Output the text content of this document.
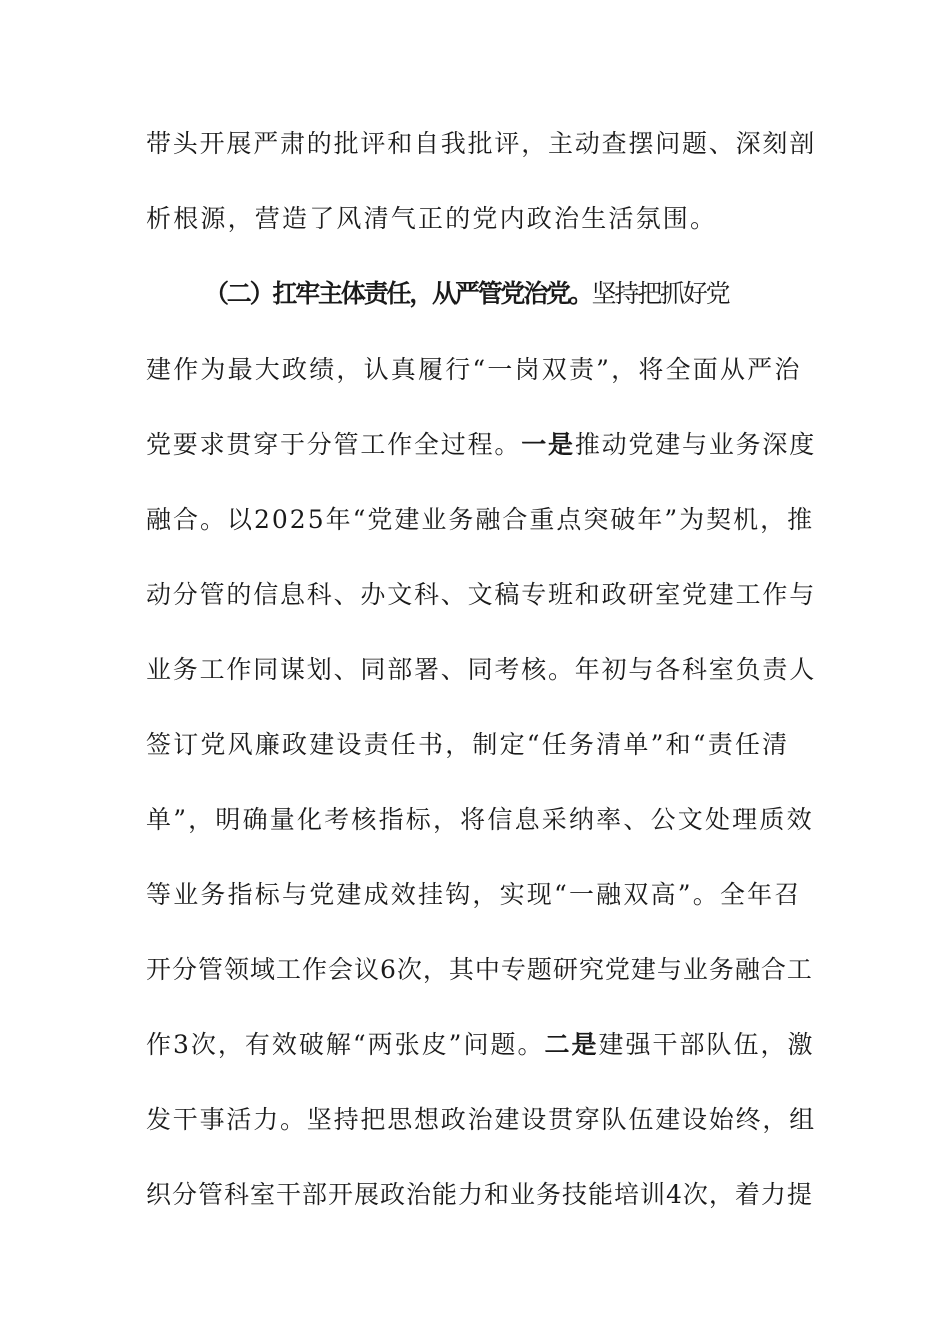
带头开展严肃的批评和自我批评，主动查摆问题、深刻剖
析根源，营造了风清气正的党内政治生活氛围。
（二）扛牢主体责任，从严管党治党。坚持把抓好党
建作为最大政绩，认真履行“一岗双责”，将全面从严治
党要求贯穿于分管工作全过程。一是推动党建与业务深度
融合。以2025年“党建业务融合重点突破年”为契机，推
动分管的信息科、办文科、文稿专班和政研室党建工作与
业务工作同谋划、同部署、同考核。年初与各科室负责人
签订党风廉政建设责任书，制定“任务清单”和“责任清
单”，明确量化考核指标，将信息采纳率、公文处理质效
等业务指标与党建成效挂钩，实现“一融双高”。全年召
开分管领域工作会议6次，其中专题研究党建与业务融合工
作3次，有效破解“两张皮”问题。二是建强干部队伍，激
发干事活力。坚持把思想政治建设贯穿队伍建设始终，组
织分管科室干部开展政治能力和业务技能培训4次，着力提
